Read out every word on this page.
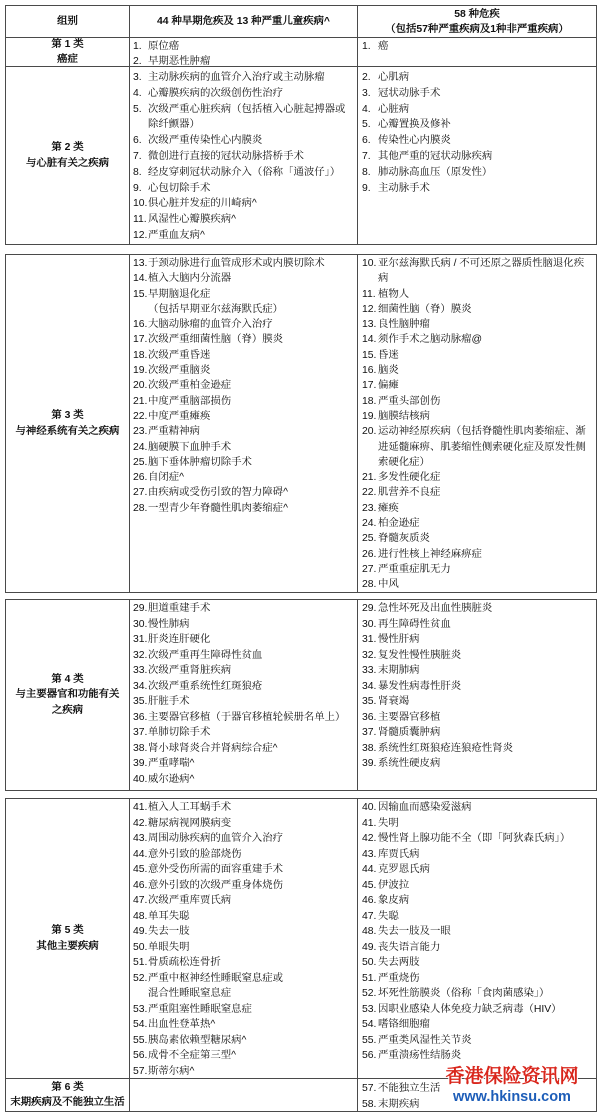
组别	44 种早期危疾及 13 种严重儿童疾病^
58 种危疾
（包括57种严重疾病及1种非严重疾病）
第 1 类
癌症
1. 原位癌
2. 早期恶性肿瘤
1. 癌
第 2 类
与心脏有关之疾病
3. 主动脉疾病的血管介入治疗或主动脉瘤
4. 心瓣膜疾病的次级创伤性治疗
5. 次级严重心脏疾病（包括植入心脏起搏器或
除纤颤器）
6. 次级严重传染性心内膜炎
7. 微创进行直接的冠状动脉搭桥手术
8. 经皮穿刺冠状动脉介入（俗称「通波仔」）
9. 心包切除手术
10. 俱心脏并发症的川崎病^
11. 风湿性心瓣膜疾病^
12. 严重血友病^
2. 心肌病
3. 冠状动脉手术
4. 心脏病
5. 心瓣置换及修补
6. 传染性心内膜炎
7. 其他严重的冠状动脉疾病
8. 肺动脉高血压（原发性）
9. 主动脉手术
第 3 类
与神经系统有关之疾病
13. 于颈动脉进行血管成形术或内膜切除术
14. 植入大脑内分流器
15. 早期脑退化症
（包括早期亚尔兹海默氏症）
16. 大脑动脉瘤的血管介入治疗
17. 次级严重细菌性脑（脊）膜炎
18. 次级严重昏迷
19. 次级严重脑炎
20. 次级严重柏金逊症
21. 中度严重脑部损伤
22. 中度严重瘫痪
23. 严重精神病
24. 脑硬膜下血肿手术
25. 脑下垂体肿瘤切除手术
26. 自闭症^
27. 由疾病或受伤引致的智力障碍^
28. 一型青少年脊髓性肌肉萎缩症^
10. 亚尔兹海默氏病 / 不可还原之器质性脑退化疾
病
11. 植物人
12. 细菌性脑（脊）膜炎
13. 良性脑肿瘤
14. 须作手术之脑动脉瘤@
15. 昏迷
16. 脑炎
17. 偏瘫
18. 严重头部创伤
19. 脑膜结核病
20. 运动神经原疾病（包括脊髓性肌肉萎缩症、渐
进延髓麻痹、肌萎缩性侧索硬化症及原发性侧
索硬化症）
21. 多发性硬化症
22. 肌营养不良症
23. 瘫痪
24. 柏金逊症
25. 脊髓灰质炎
26. 进行性核上神经麻痹症
27. 严重重症肌无力
28. 中风
第 4 类
与主要器官和功能有关
之疾病
29. 胆道重建手术
30. 慢性肺病
31. 肝炎连肝硬化
32. 次级严重再生障碍性贫血
33. 次级严重肾脏疾病
34. 次级严重系统性红斑狼疮
35. 肝脏手术
36. 主要器官移植（于器官移植轮候册名单上）
37. 单肺切除手术
38. 肾小球肾炎合并肾病综合症^
39. 严重哮喘^
40. 威尔逊病^
29. 急性坏死及出血性胰脏炎
30. 再生障碍性贫血
31. 慢性肝病
32. 复发性慢性胰脏炎
33. 末期肺病
34. 暴发性病毒性肝炎
35. 肾衰竭
36. 主要器官移植
37. 肾髓质囊肿病
38. 系统性红斑狼疮连狼疮性肾炎
39. 系统性硬皮病
第 5 类
其他主要疾病
41. 植入人工耳蜗手术
42. 糖尿病视网膜病变
43. 周围动脉疾病的血管介入治疗
44. 意外引致的脸部烧伤
45. 意外受伤所需的面容重建手术
46. 意外引致的次级严重身体烧伤
47. 次级严重库贾氏病
48. 单耳失聪
49. 失去一肢
50. 单眼失明
51. 骨质疏松连骨折
52. 严重中枢神经性睡眠窒息症或
混合性睡眠窒息症
53. 严重阻塞性睡眠窒息症
54. 出血性登革热^
55. 胰岛素依赖型糖尿病^
56. 成骨不全症第三型^
57. 斯蒂尔病^
40. 因输血而感染爱滋病
41. 失明
42. 慢性肾上腺功能不全（即「阿狄森氏病」）
43. 库贾氏病
44. 克罗恩氏病
45. 伊波拉
46. 象皮病
47. 失聪
48. 失去一肢及一眼
49. 丧失语言能力
50. 失去两肢
51. 严重烧伤
52. 坏死性筋膜炎（俗称「食肉菌感染」）
53. 因职业感染人体免疫力缺乏病毒（HIV）
54. 嗜铬细胞瘤
55. 严重类风湿性关节炎
56. 严重溃疡性结肠炎
第 6 类
末期疾病及不能独立生活
57. 不能独立生活
58. 末期疾病
香港保险资讯网
www.hkinsu.com
